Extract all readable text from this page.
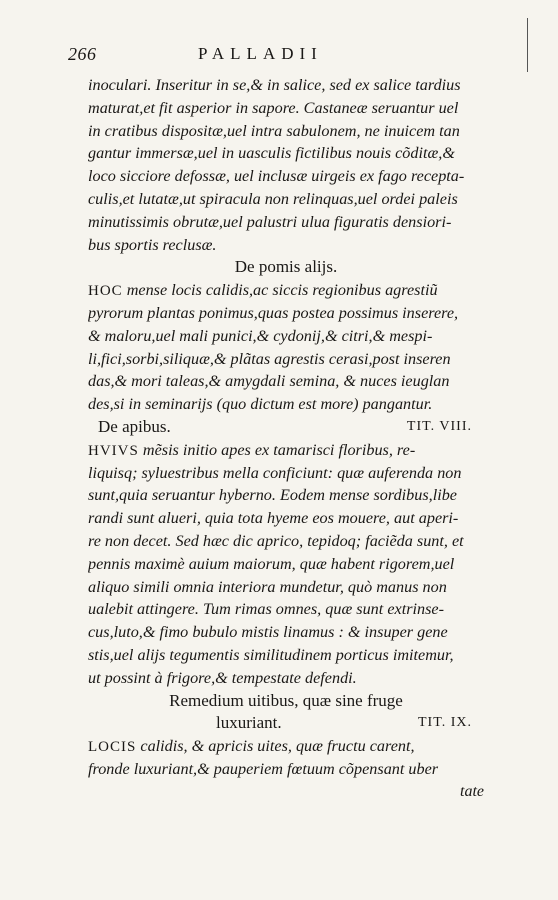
266	PALLADII
inoculari. Inseritur in se,& in salice, sed ex salice tardius
maturat,et fit asperior in sapore. Castaneæ seruantur uel
in cratibus dispositæ,uel intra sabulonem, ne inuicem tan
gantur immersæ,uel in uasculis fictilibus nouis cõditæ,&
loco sicciore defossæ, uel inclusæ uirgeis ex fago recepta-
culis,et lutatæ,ut spiracula non relinquas,uel ordei paleis
minutissimis obrutæ,uel palustri ulua figuratis densiori-
bus sportis reclusæ.
De pomis alijs.
HOC mense locis calidis,ac siccis regionibus agrestiũ
pyrorum plantas ponimus,quas postea possimus inserere,
& maloru,uel mali punici,& cydonij,& citri,& mespi-
li,fici,sorbi,siliquæ,& plãtas agrestis cerasi,post inseren
das,& mori taleas,& amygdali semina, & nuces ieuglan
des,si in seminarijs (quo dictum est more) pangantur.
De apibus.	TIT. VIII.
HVIVS mẽsis initio apes ex tamarisci floribus, re-
liquisq; syluestribus mella conficiunt: quæ auferenda non
sunt,quia seruantur hyberno. Eodem mense sordibus,libe
randi sunt alueri, quia tota hyeme eos mouere, aut aperi-
re non decet. Sed hæc dic aprico, tepidoq; faciẽda sunt, et
pennis maximè auium maiorum, quæ habent rigorem,uel
aliquo simili omnia interiora mundetur, quò manus non
ualebit attingere. Tum rimas omnes, quæ sunt extrinse-
cus,luto,& fimo bubulo mistis linamus : & insuper gene
stis,uel alijs tegumentis similitudinem porticus imitemur,
ut possint à frigore,& tempestate defendi.
Remedium uitibus, quæ sine fruge
luxuriant.	TIT. IX.
LOCIS calidis, & apricis uites, quæ fructu carent,
fronde luxuriant,& pauperiem fœtuum cõpensant uber
tate
